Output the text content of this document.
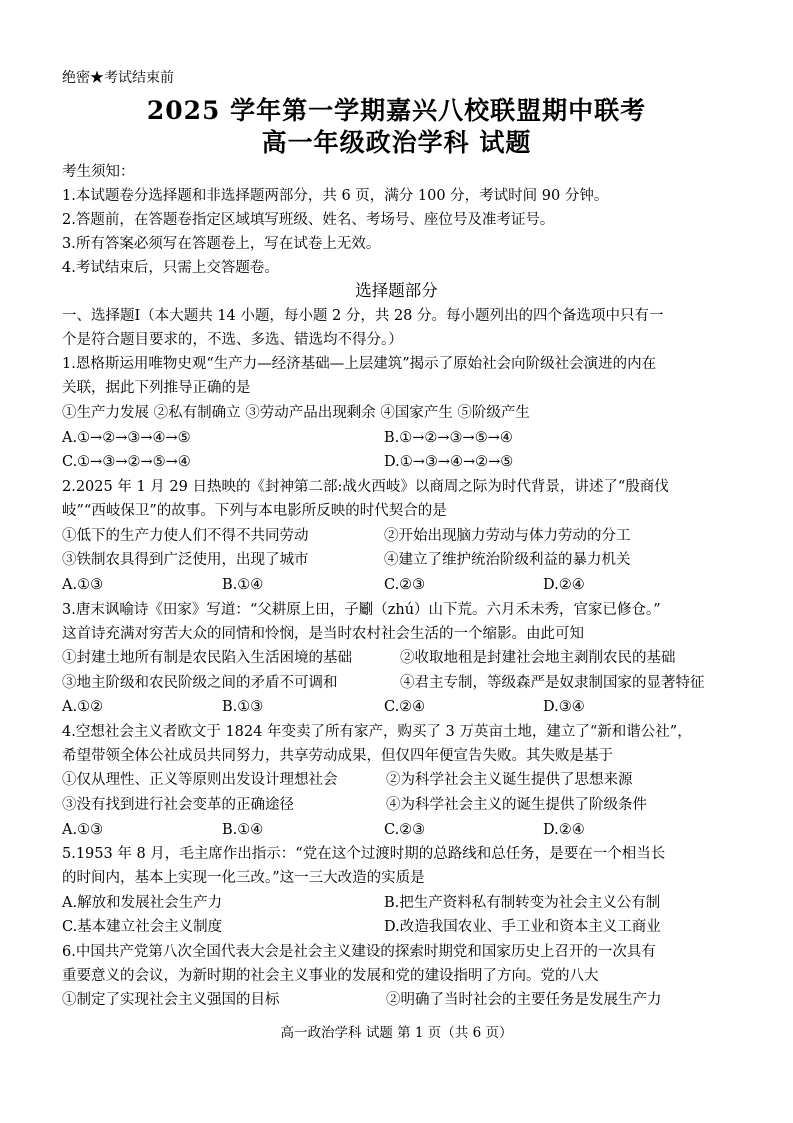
绝密★考试结束前
2025 学年第一学期嘉兴八校联盟期中联考
高一年级政治学科 试题
考生须知：
1.本试题卷分选择题和非选择题两部分，共 6 页，满分 100 分，考试时间 90 分钟。
2.答题前，在答题卷指定区域填写班级、姓名、考场号、座位号及准考证号。
3.所有答案必须写在答题卷上，写在试卷上无效。
4.考试结束后，只需上交答题卷。
选择题部分
一、选择题Ⅰ（本大题共 14 小题，每小题 2 分，共 28 分。每小题列出的四个备选项中只有一
个是符合题目要求的，不选、多选、错选均不得分。）
1.恩格斯运用唯物史观“生产力—经济基础—上层建筑”揭示了原始社会向阶级社会演进的内在
关联，据此下列推导正确的是
①生产力发展 ②私有制确立 ③劳动产品出现剩余 ④国家产生 ⑤阶级产生
A.①→②→③→④→⑤	B.①→②→③→⑤→④
C.①→③→②→⑤→④	D.①→③→④→②→⑤
2.2025 年 1 月 29 日热映的《封神第二部:战火西岐》以商周之际为时代背景，讲述了“殷商伐
岐”“西岐保卫”的故事。下列与本电影所反映的时代契合的是
①低下的生产力使人们不得不共同劳动	②开始出现脑力劳动与体力劳动的分工
③铁制农具得到广泛使用，出现了城市	④建立了维护统治阶级利益的暴力机关
A.①③	B.①④	C.②③	D.②④
3.唐末讽喻诗《田家》写道：“父耕原上田，子劚（zhú）山下荒。六月禾未秀，官家已修仓。”
这首诗充满对穷苦大众的同情和怜悯，是当时农村社会生活的一个缩影。由此可知
①封建土地所有制是农民陷入生活困境的基础	②收取地租是封建社会地主剥削农民的基础
③地主阶级和农民阶级之间的矛盾不可调和	④君主专制，等级森严是奴隶制国家的显著特征
A.①②	B.①③	C.②④	D.③④
4.空想社会主义者欧文于 1824 年变卖了所有家产，购买了 3 万英亩土地，建立了“新和谐公社”，
希望带领全体公社成员共同努力，共享劳动成果，但仅四年便宣告失败。其失败是基于
①仅从理性、正义等原则出发设计理想社会	②为科学社会主义诞生提供了思想来源
③没有找到进行社会变革的正确途径	④为科学社会主义的诞生提供了阶级条件
A.①③	B.①④	C.②③	D.②④
5.1953 年 8 月，毛主席作出指示：“党在这个过渡时期的总路线和总任务，是要在一个相当长
的时间内，基本上实现一化三改。”这一三大改造的实质是
A.解放和发展社会生产力	B.把生产资料私有制转变为社会主义公有制
C.基本建立社会主义制度	D.改造我国农业、手工业和资本主义工商业
6.中国共产党第八次全国代表大会是社会主义建设的探索时期党和国家历史上召开的一次具有
重要意义的会议，为新时期的社会主义事业的发展和党的建设指明了方向。党的八大
①制定了实现社会主义强国的目标	②明确了当时社会的主要任务是发展生产力
高一政治学科 试题 第 1 页（共 6 页）
